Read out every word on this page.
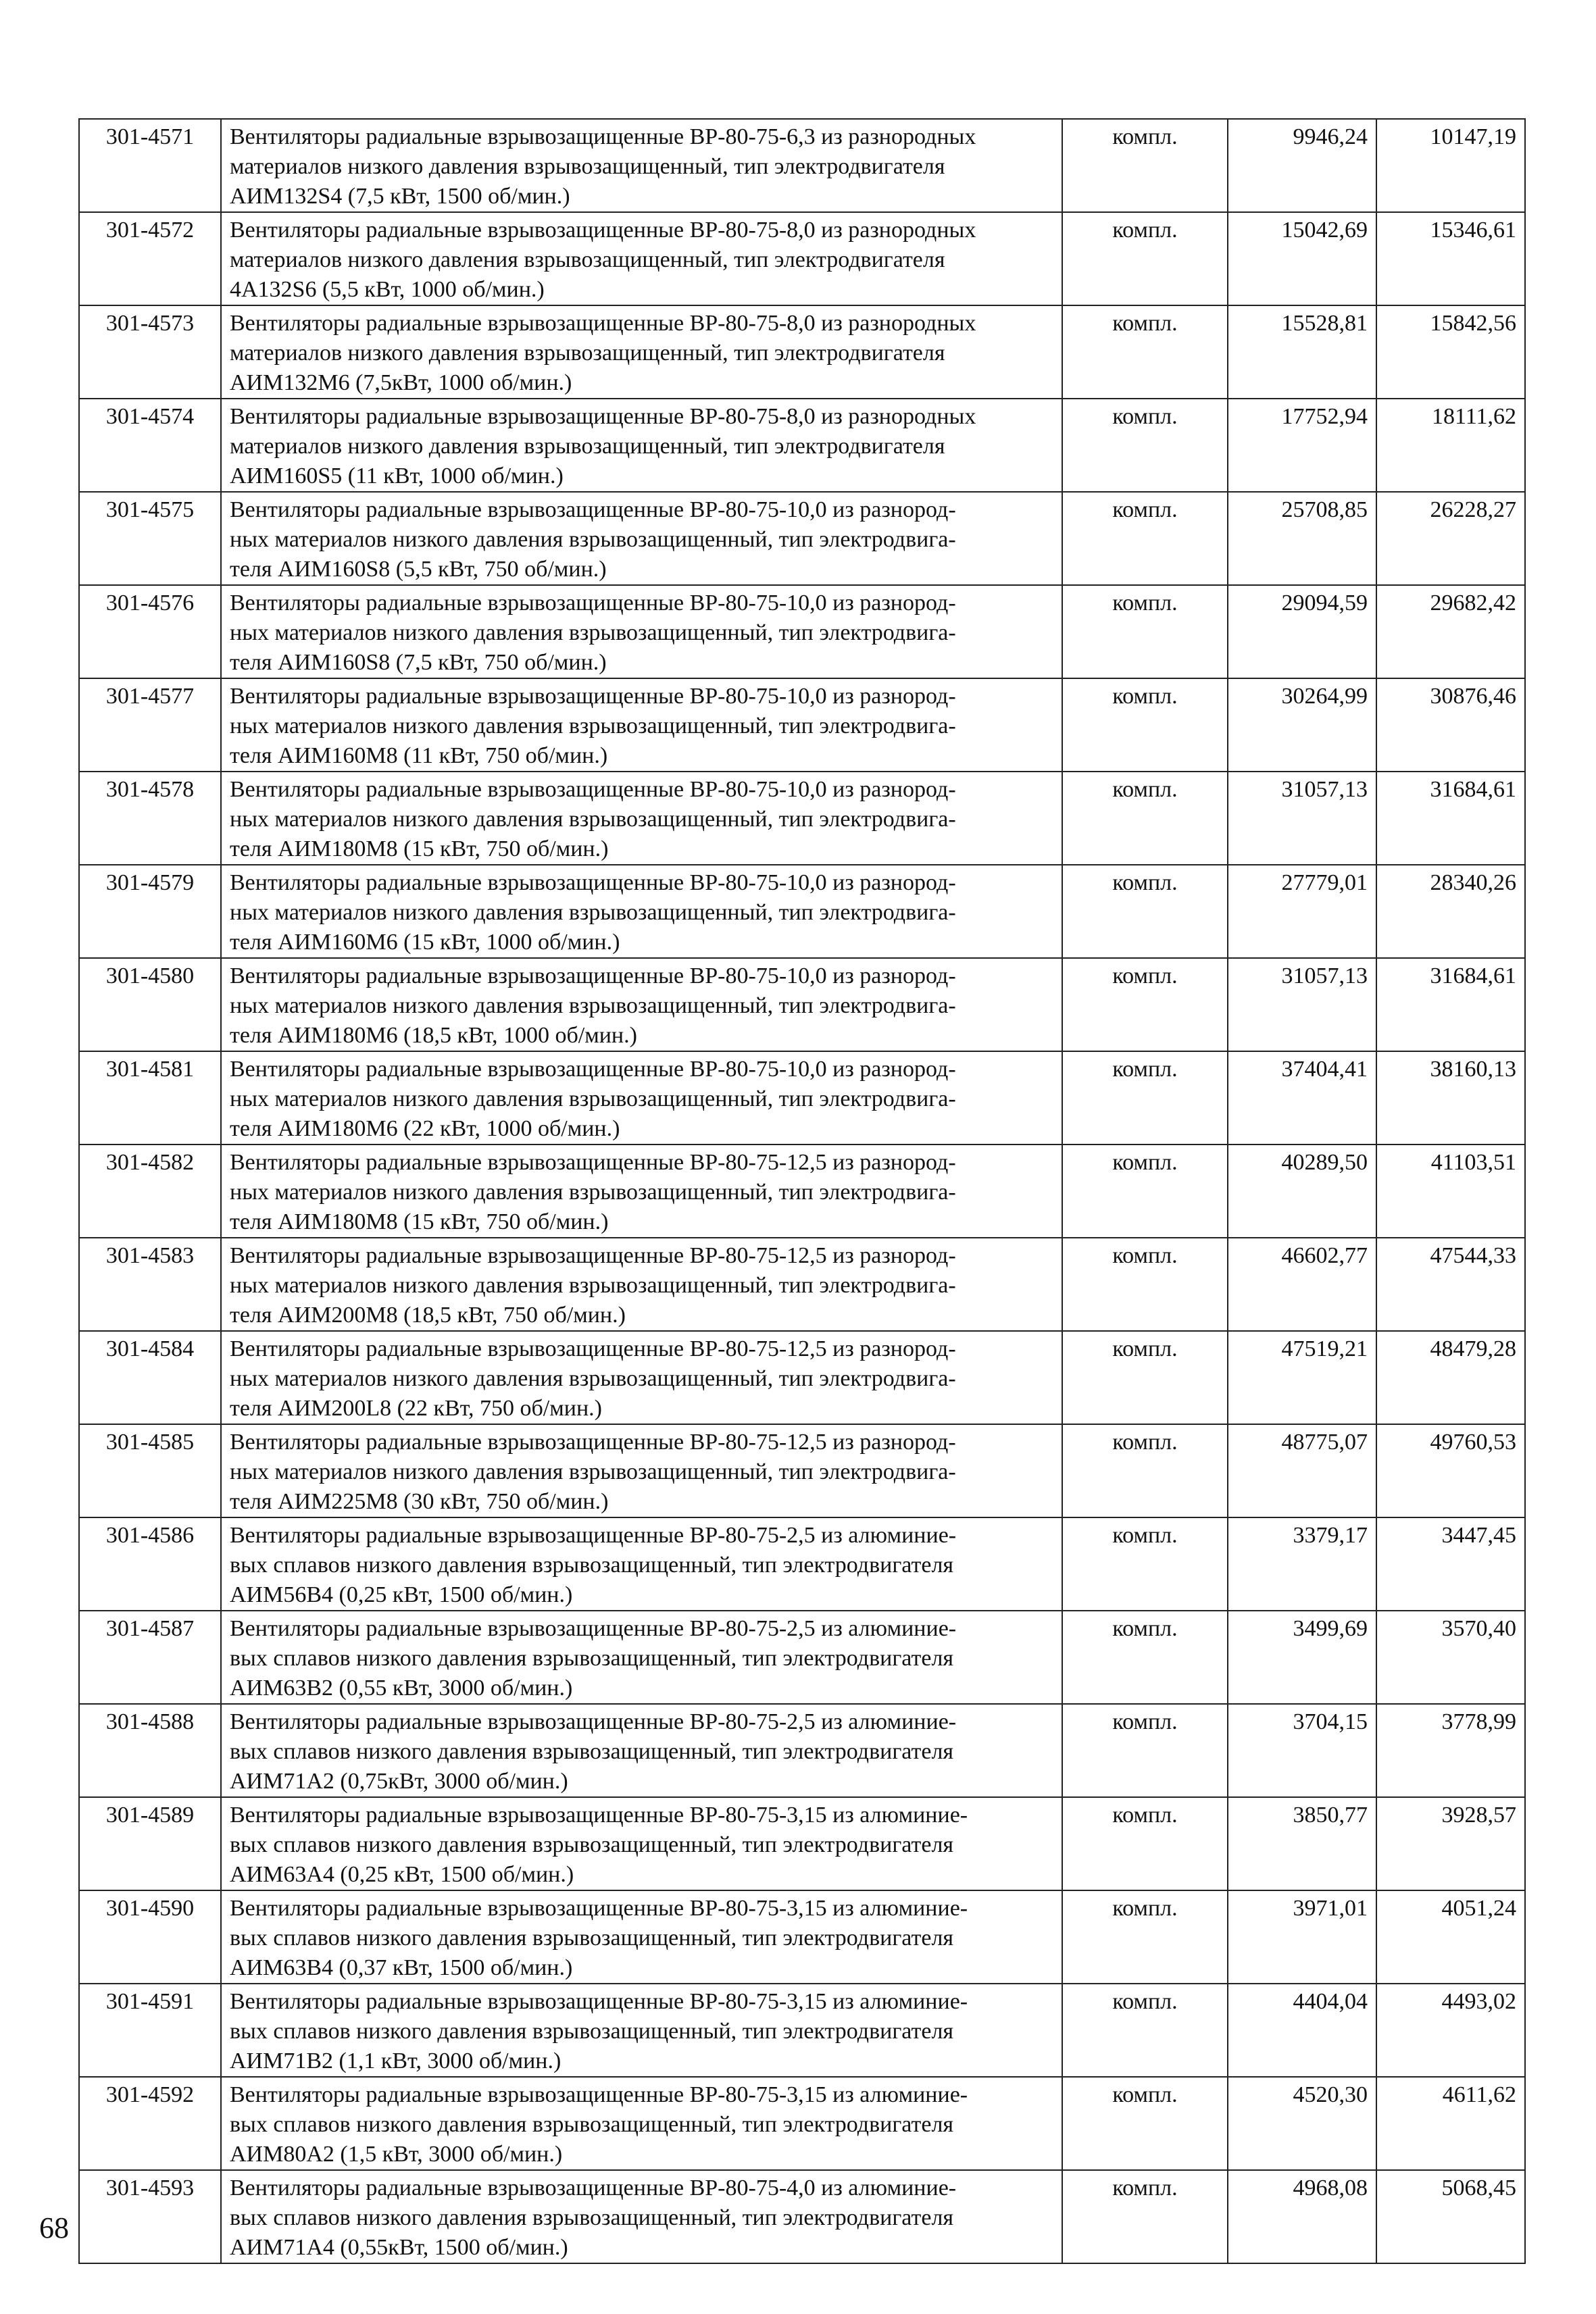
301-4571	Вентиляторы радиальные взрывозащищенные ВР-80-75-6,3 из разнородных
материалов низкого давления взрывозащищенный, тип электродвигателя
АИМ132S4 (7,5 кВт, 1500 об/мин.)	компл.	9946,24	10147,19
301-4572	Вентиляторы радиальные взрывозащищенные ВР-80-75-8,0 из разнородных
материалов низкого давления взрывозащищенный, тип электродвигателя
4А132S6 (5,5 кВт, 1000 об/мин.)	компл.	15042,69	15346,61
301-4573	Вентиляторы радиальные взрывозащищенные ВР-80-75-8,0 из разнородных
материалов низкого давления взрывозащищенный, тип электродвигателя
АИМ132М6 (7,5кВт, 1000 об/мин.)	компл.	15528,81	15842,56
301-4574	Вентиляторы радиальные взрывозащищенные ВР-80-75-8,0 из разнородных
материалов низкого давления взрывозащищенный, тип электродвигателя
АИМ160S5 (11 кВт, 1000 об/мин.)	компл.	17752,94	18111,62
301-4575	Вентиляторы радиальные взрывозащищенные ВР-80-75-10,0 из разнород-
ных материалов низкого давления взрывозащищенный, тип электродвига-
теля АИМ160S8 (5,5 кВт, 750 об/мин.)	компл.	25708,85	26228,27
301-4576	Вентиляторы радиальные взрывозащищенные ВР-80-75-10,0 из разнород-
ных материалов низкого давления взрывозащищенный, тип электродвига-
теля АИМ160S8 (7,5 кВт, 750 об/мин.)	компл.	29094,59	29682,42
301-4577	Вентиляторы радиальные взрывозащищенные ВР-80-75-10,0 из разнород-
ных материалов низкого давления взрывозащищенный, тип электродвига-
теля АИМ160М8 (11 кВт, 750 об/мин.)	компл.	30264,99	30876,46
301-4578	Вентиляторы радиальные взрывозащищенные ВР-80-75-10,0 из разнород-
ных материалов низкого давления взрывозащищенный, тип электродвига-
теля АИМ180М8 (15 кВт, 750 об/мин.)	компл.	31057,13	31684,61
301-4579	Вентиляторы радиальные взрывозащищенные ВР-80-75-10,0 из разнород-
ных материалов низкого давления взрывозащищенный, тип электродвига-
теля АИМ160М6 (15 кВт, 1000 об/мин.)	компл.	27779,01	28340,26
301-4580	Вентиляторы радиальные взрывозащищенные ВР-80-75-10,0 из разнород-
ных материалов низкого давления взрывозащищенный, тип электродвига-
теля АИМ180М6 (18,5 кВт, 1000 об/мин.)	компл.	31057,13	31684,61
301-4581	Вентиляторы радиальные взрывозащищенные ВР-80-75-10,0 из разнород-
ных материалов низкого давления взрывозащищенный, тип электродвига-
теля АИМ180М6 (22 кВт, 1000 об/мин.)	компл.	37404,41	38160,13
301-4582	Вентиляторы радиальные взрывозащищенные ВР-80-75-12,5 из разнород-
ных материалов низкого давления взрывозащищенный, тип электродвига-
теля АИМ180М8 (15 кВт, 750 об/мин.)	компл.	40289,50	41103,51
301-4583	Вентиляторы радиальные взрывозащищенные ВР-80-75-12,5 из разнород-
ных материалов низкого давления взрывозащищенный, тип электродвига-
теля АИМ200М8 (18,5 кВт, 750 об/мин.)	компл.	46602,77	47544,33
301-4584	Вентиляторы радиальные взрывозащищенные ВР-80-75-12,5 из разнород-
ных материалов низкого давления взрывозащищенный, тип электродвига-
теля АИМ200L8 (22 кВт, 750 об/мин.)	компл.	47519,21	48479,28
301-4585	Вентиляторы радиальные взрывозащищенные ВР-80-75-12,5 из разнород-
ных материалов низкого давления взрывозащищенный, тип электродвига-
теля АИМ225М8 (30 кВт, 750 об/мин.)	компл.	48775,07	49760,53
301-4586	Вентиляторы радиальные взрывозащищенные ВР-80-75-2,5 из алюминие-
вых сплавов низкого давления взрывозащищенный, тип электродвигателя
АИМ56В4 (0,25 кВт, 1500 об/мин.)	компл.	3379,17	3447,45
301-4587	Вентиляторы радиальные взрывозащищенные ВР-80-75-2,5 из алюминие-
вых сплавов низкого давления взрывозащищенный, тип электродвигателя
АИМ63В2 (0,55 кВт, 3000 об/мин.)	компл.	3499,69	3570,40
301-4588	Вентиляторы радиальные взрывозащищенные ВР-80-75-2,5 из алюминие-
вых сплавов низкого давления взрывозащищенный, тип электродвигателя
АИМ71А2 (0,75кВт, 3000 об/мин.)	компл.	3704,15	3778,99
301-4589	Вентиляторы радиальные взрывозащищенные ВР-80-75-3,15 из алюминие-
вых сплавов низкого давления взрывозащищенный, тип электродвигателя
АИМ63А4 (0,25 кВт, 1500 об/мин.)	компл.	3850,77	3928,57
301-4590	Вентиляторы радиальные взрывозащищенные ВР-80-75-3,15 из алюминие-
вых сплавов низкого давления взрывозащищенный, тип электродвигателя
АИМ63В4 (0,37 кВт, 1500 об/мин.)	компл.	3971,01	4051,24
301-4591	Вентиляторы радиальные взрывозащищенные ВР-80-75-3,15 из алюминие-
вых сплавов низкого давления взрывозащищенный, тип электродвигателя
АИМ71В2 (1,1 кВт, 3000 об/мин.)	компл.	4404,04	4493,02
301-4592	Вентиляторы радиальные взрывозащищенные ВР-80-75-3,15 из алюминие-
вых сплавов низкого давления взрывозащищенный, тип электродвигателя
АИМ80А2 (1,5 кВт, 3000 об/мин.)	компл.	4520,30	4611,62
301-4593	Вентиляторы радиальные взрывозащищенные ВР-80-75-4,0 из алюминие-
вых сплавов низкого давления взрывозащищенный, тип электродвигателя
АИМ71А4 (0,55кВт, 1500 об/мин.)	компл.	4968,08	5068,45
68
